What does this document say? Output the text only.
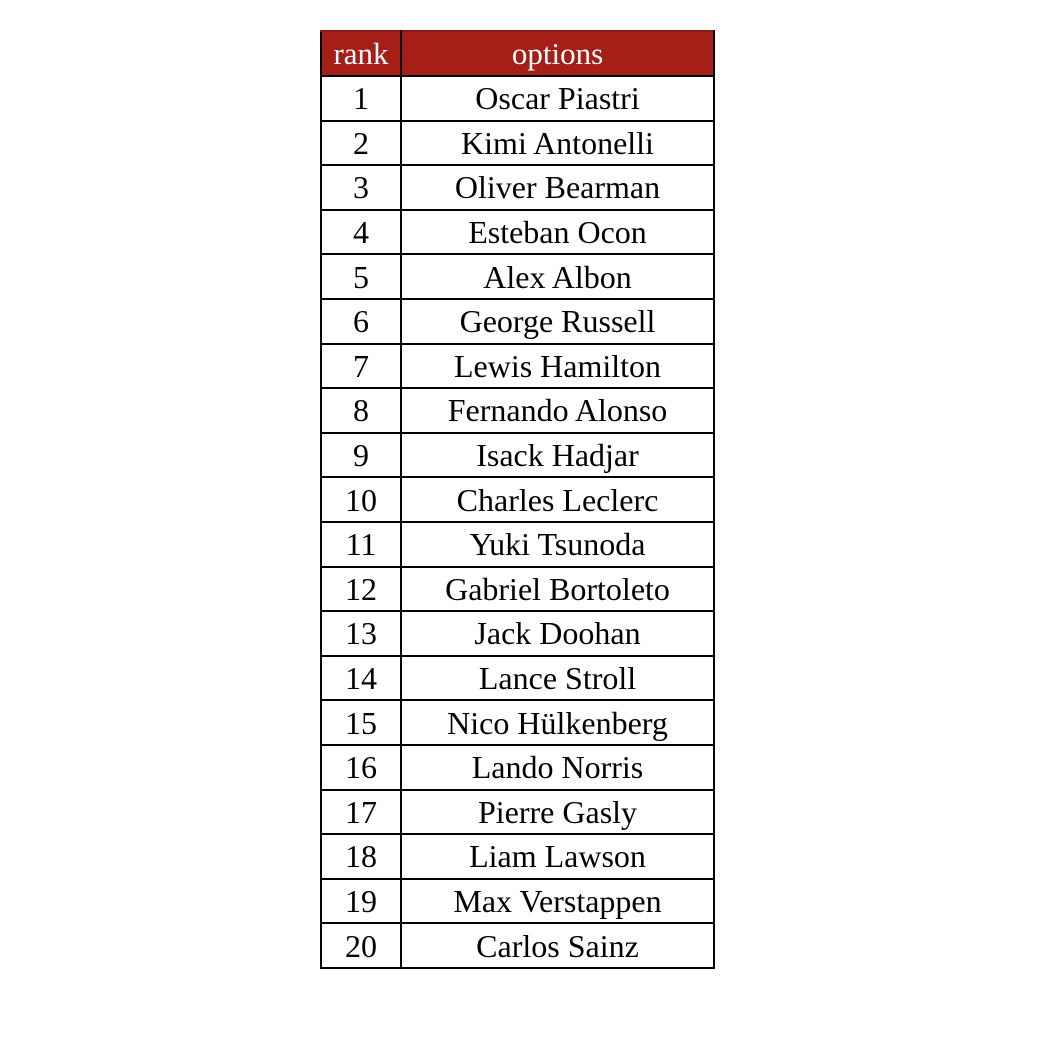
rank	options
1	Oscar Piastri
2	Kimi Antonelli
3	Oliver Bearman
4	Esteban Ocon
5	Alex Albon
6	George Russell
7	Lewis Hamilton
8	Fernando Alonso
9	Isack Hadjar
10	Charles Leclerc
11	Yuki Tsunoda
12	Gabriel Bortoleto
13	Jack Doohan
14	Lance Stroll
15	Nico Hülkenberg
16	Lando Norris
17	Pierre Gasly
18	Liam Lawson
19	Max Verstappen
20	Carlos Sainz
